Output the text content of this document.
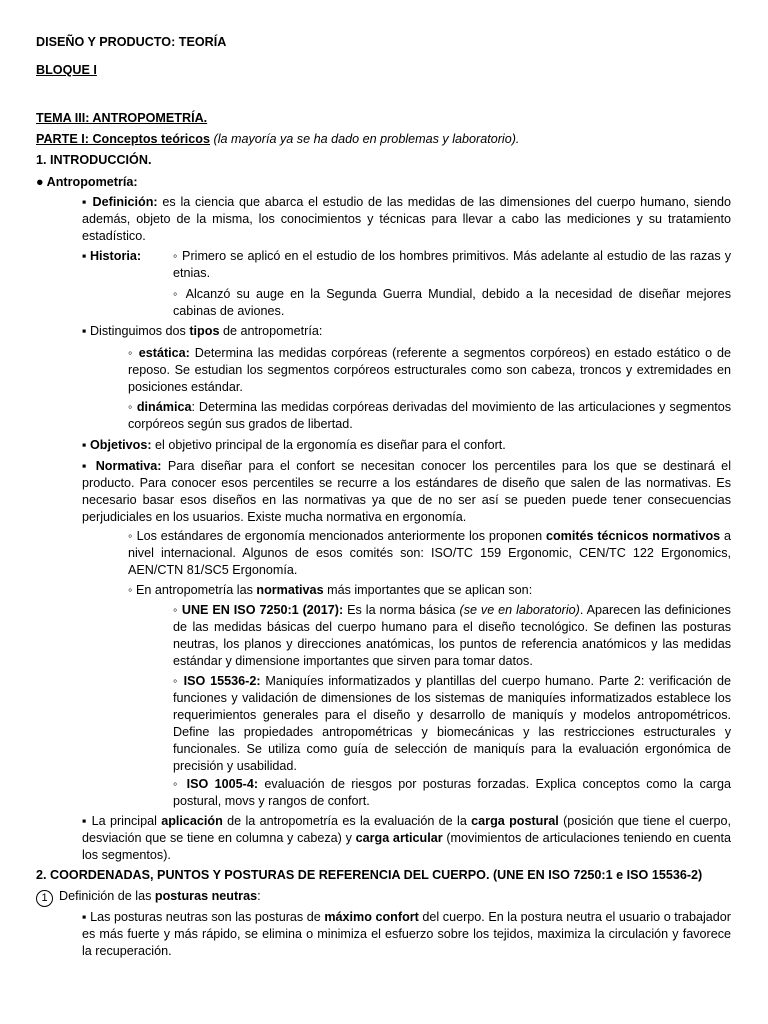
DISEÑO Y PRODUCTO: TEORÍA
BLOQUE I
TEMA III: ANTROPOMETRÍA.
PARTE I: Conceptos teóricos (la mayoría ya se ha dado en problemas y laboratorio).
1. INTRODUCCIÓN.
● Antropometría:

▪ Definición: es la ciencia que abarca el estudio de las medidas de las dimensiones del cuerpo humano, siendo además, objeto de la misma, los conocimientos y técnicas para llevar a cabo las mediciones y su tratamiento estadístico.

▪ Historia:	◦ Primero se aplicó en el estudio de los hombres primitivos. Más adelante al estudio de las razas y etnias.

◦ Alcanzó su auge en la Segunda Guerra Mundial, debido a la necesidad de diseñar mejores cabinas de aviones.

▪ Distinguimos dos tipos de antropometría:

◦ estática: Determina las medidas corpóreas (referente a segmentos corpóreos) en estado estático o de reposo. Se estudian los segmentos corpóreos estructurales como son cabeza, troncos y extremidades en posiciones estándar.

◦ dinámica: Determina las medidas corpóreas derivadas del movimiento de las articulaciones y segmentos corpóreos según sus grados de libertad.

▪ Objetivos: el objetivo principal de la ergonomía es diseñar para el confort.

▪ Normativa: Para diseñar para el confort se necesitan conocer los percentiles para los que se destinará el producto. Para conocer esos percentiles se recurre a los estándares de diseño que salen de las normativas. Es necesario basar esos diseños en las normativas ya que de no ser así se pueden puede tener consecuencias perjudiciales en los usuarios. Existe mucha normativa en ergonomía.

◦ Los estándares de ergonomía mencionados anteriormente los proponen comités técnicos normativos a nivel internacional. Algunos de esos comités son: ISO/TC 159 Ergonomic, CEN/TC 122 Ergonomics, AEN/CTN 81/SC5 Ergonomía.

◦ En antropometría las normativas más importantes que se aplican son:

◦ UNE EN ISO 7250:1 (2017): Es la norma básica (se ve en laboratorio). Aparecen las definiciones de las medidas básicas del cuerpo humano para el diseño tecnológico. Se definen las posturas neutras, los planos y direcciones anatómicas, los puntos de referencia anatómicos y las medidas estándar y dimensione importantes que sirven para tomar datos.

◦ ISO 15536-2: Maniquíes informatizados y plantillas del cuerpo humano. Parte 2: verificación de funciones y validación de dimensiones de los sistemas de maniquíes informatizados establece los requerimientos generales para el diseño y desarrollo de maniquís y modelos antropométricos. Define las propiedades antropométricas y biomecánicas y las restricciones estructurales y funcionales. Se utiliza como guía de selección de maniquís para la evaluación ergonómica de precisión y usabilidad.

◦ ISO 1005-4: evaluación de riesgos por posturas forzadas. Explica conceptos como la carga postural, movs y rangos de confort.

▪ La principal aplicación de la antropometría es la evaluación de la carga postural (posición que tiene el cuerpo, desviación que se tiene en columna y cabeza) y carga articular (movimientos de articulaciones teniendo en cuenta los segmentos).

2. COORDENADAS, PUNTOS Y POSTURAS DE REFERENCIA DEL CUERPO. (UNE EN ISO 7250:1 e ISO 15536-2)
1 Definición de las posturas neutras:

▪ Las posturas neutras son las posturas de máximo confort del cuerpo. En la postura neutra el usuario o trabajador es más fuerte y más rápido, se elimina o minimiza el esfuerzo sobre los tejidos, maximiza la circulación y favorece la recuperación.
